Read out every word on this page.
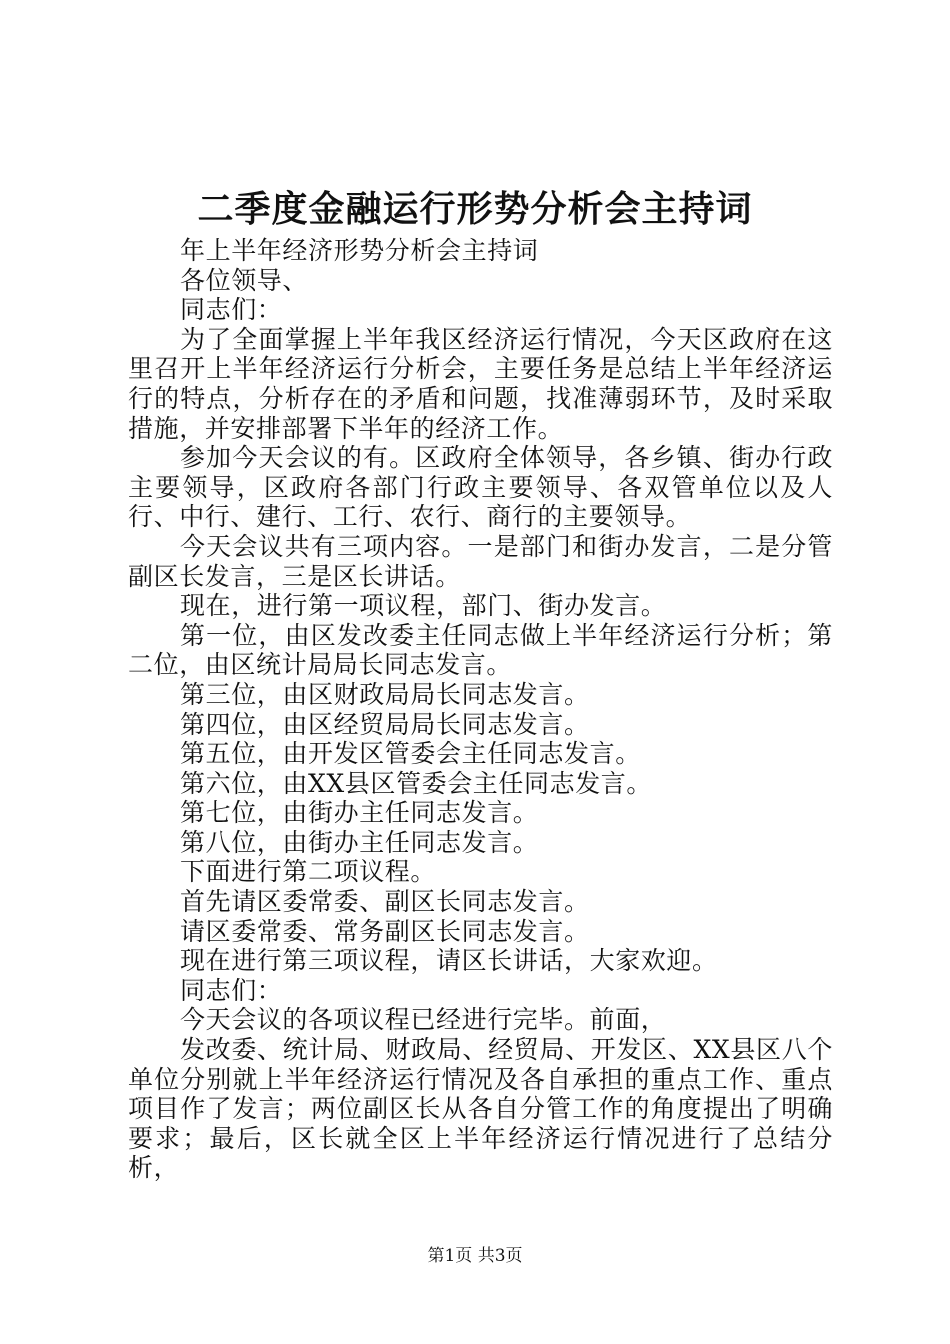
二季度金融运行形势分析会主持词

年上半年经济形势分析会主持词

各位领导、

同志们：

为了全面掌握上半年我区经济运行情况，今天区政府在这里召开上半年经济运行分析会，主要任务是总结上半年经济运行的特点，分析存在的矛盾和问题，找准薄弱环节，及时采取措施，并安排部署下半年的经济工作。

参加今天会议的有。区政府全体领导，各乡镇、街办行政主要领导，区政府各部门行政主要领导、各双管单位以及人行、中行、建行、工行、农行、商行的主要领导。

今天会议共有三项内容。一是部门和街办发言，二是分管副区长发言，三是区长讲话。

现在，进行第一项议程，部门、街办发言。

第一位，由区发改委主任同志做上半年经济运行分析；第二位，由区统计局局长同志发言。

第三位，由区财政局局长同志发言。

第四位，由区经贸局局长同志发言。

第五位，由开发区管委会主任同志发言。

第六位，由XX县区管委会主任同志发言。

第七位，由街办主任同志发言。

第八位，由街办主任同志发言。

下面进行第二项议程。

首先请区委常委、副区长同志发言。

请区委常委、常务副区长同志发言。

现在进行第三项议程，请区长讲话，大家欢迎。

同志们：

今天会议的各项议程已经进行完毕。前面，

发改委、统计局、财政局、经贸局、开发区、XX县区八个单位分别就上半年经济运行情况及各自承担的重点工作、重点项目作了发言；两位副区长从各自分管工作的角度提出了明确要求；最后，区长就全区上半年经济运行情况进行了总结分析，

第1页 共3页
